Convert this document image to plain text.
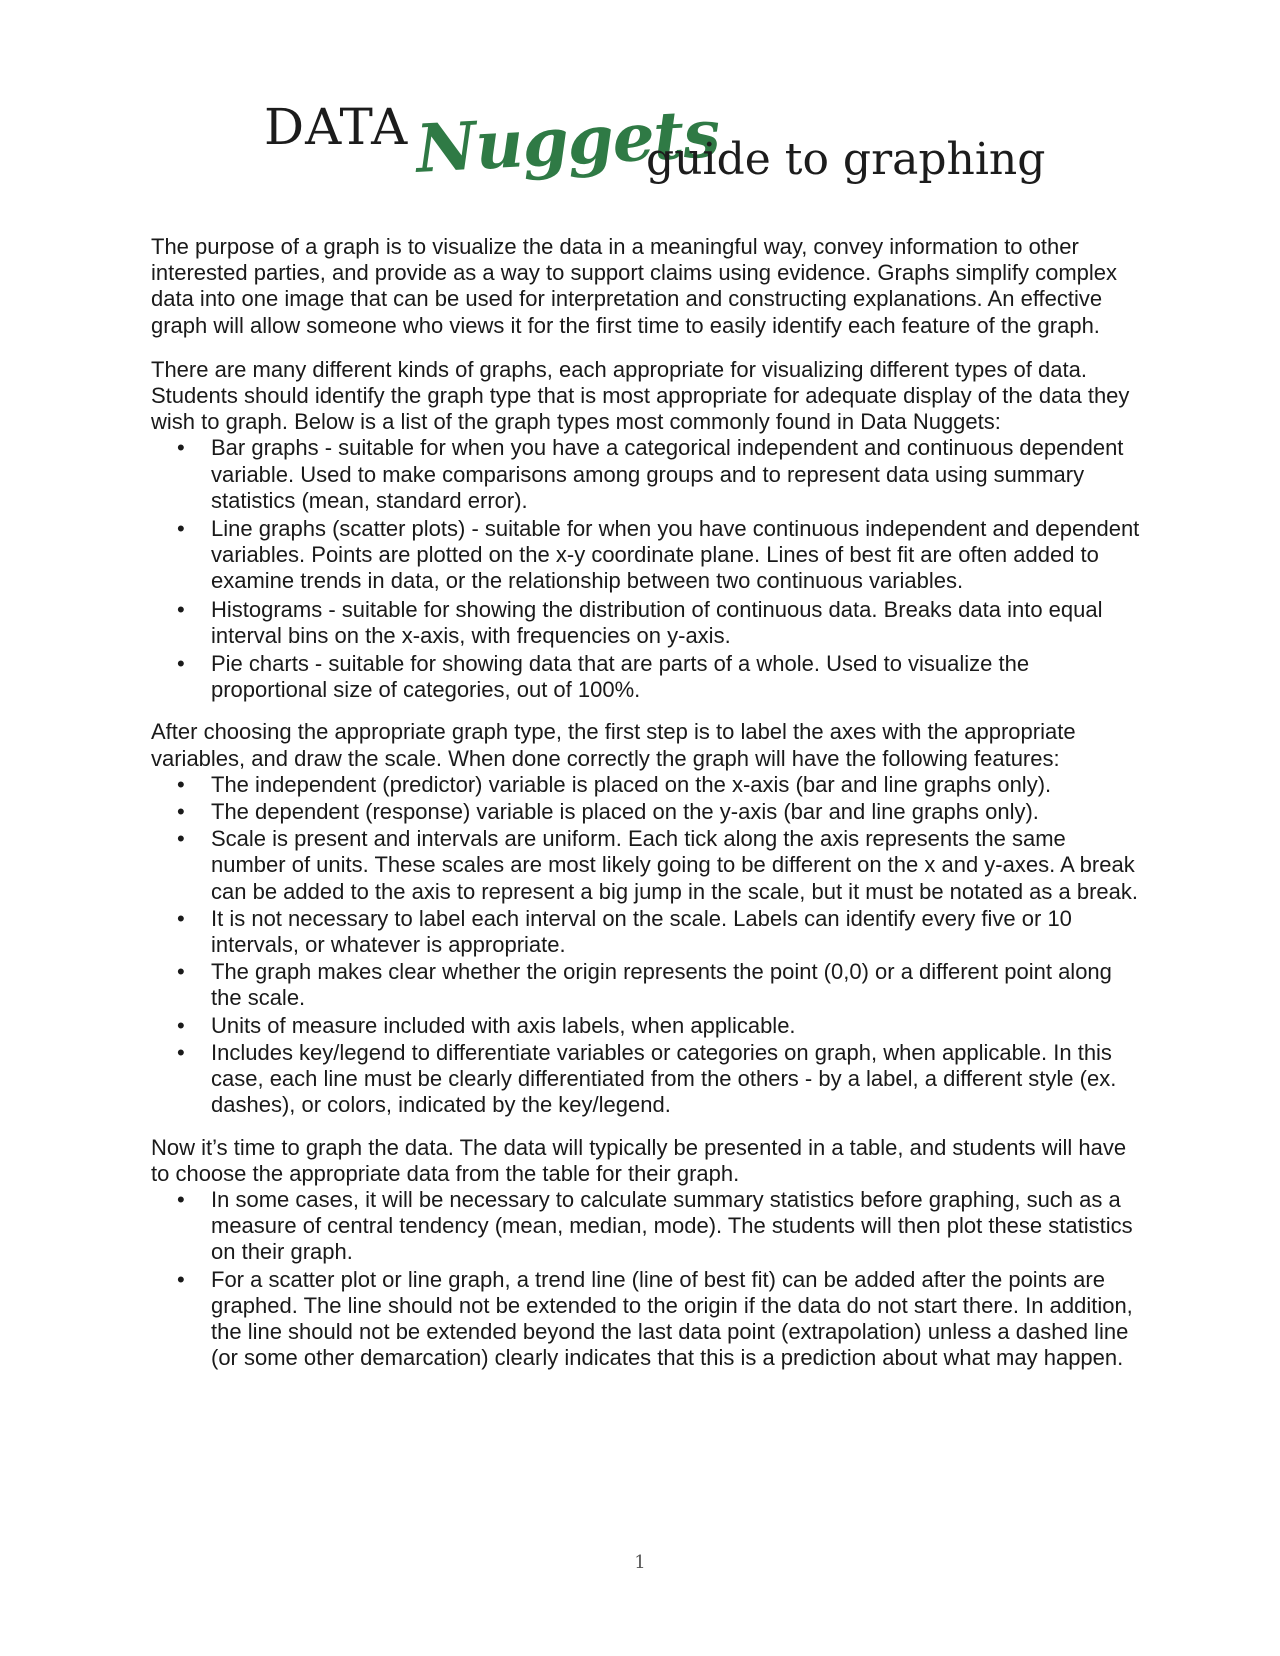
DATA Nuggets
guide to graphing

The purpose of a graph is to visualize the data in a meaningful way, convey information to other interested parties, and provide as a way to support claims using evidence. Graphs simplify complex data into one image that can be used for interpretation and constructing explanations. An effective graph will allow someone who views it for the first time to easily identify each feature of the graph.

There are many different kinds of graphs, each appropriate for visualizing different types of data. Students should identify the graph type that is most appropriate for adequate display of the data they wish to graph. Below is a list of the graph types most commonly found in Data Nuggets:

• Bar graphs - suitable for when you have a categorical independent and continuous dependent variable. Used to make comparisons among groups and to represent data using summary statistics (mean, standard error).
• Line graphs (scatter plots) - suitable for when you have continuous independent and dependent variables. Points are plotted on the x-y coordinate plane. Lines of best fit are often added to examine trends in data, or the relationship between two continuous variables.
• Histograms - suitable for showing the distribution of continuous data. Breaks data into equal interval bins on the x-axis, with frequencies on y-axis.
• Pie charts - suitable for showing data that are parts of a whole. Used to visualize the proportional size of categories, out of 100%.

After choosing the appropriate graph type, the first step is to label the axes with the appropriate variables, and draw the scale. When done correctly the graph will have the following features:

• The independent (predictor) variable is placed on the x-axis (bar and line graphs only).
• The dependent (response) variable is placed on the y-axis (bar and line graphs only).
• Scale is present and intervals are uniform. Each tick along the axis represents the same number of units. These scales are most likely going to be different on the x and y-axes. A break can be added to the axis to represent a big jump in the scale, but it must be notated as a break.
• It is not necessary to label each interval on the scale. Labels can identify every five or 10 intervals, or whatever is appropriate.
• The graph makes clear whether the origin represents the point (0,0) or a different point along the scale.
• Units of measure included with axis labels, when applicable.
• Includes key/legend to differentiate variables or categories on graph, when applicable. In this case, each line must be clearly differentiated from the others - by a label, a different style (ex. dashes), or colors, indicated by the key/legend.

Now it’s time to graph the data. The data will typically be presented in a table, and students will have to choose the appropriate data from the table for their graph.

• In some cases, it will be necessary to calculate summary statistics before graphing, such as a measure of central tendency (mean, median, mode). The students will then plot these statistics on their graph.
• For a scatter plot or line graph, a trend line (line of best fit) can be added after the points are graphed. The line should not be extended to the origin if the data do not start there. In addition, the line should not be extended beyond the last data point (extrapolation) unless a dashed line (or some other demarcation) clearly indicates that this is a prediction about what may happen.
1
